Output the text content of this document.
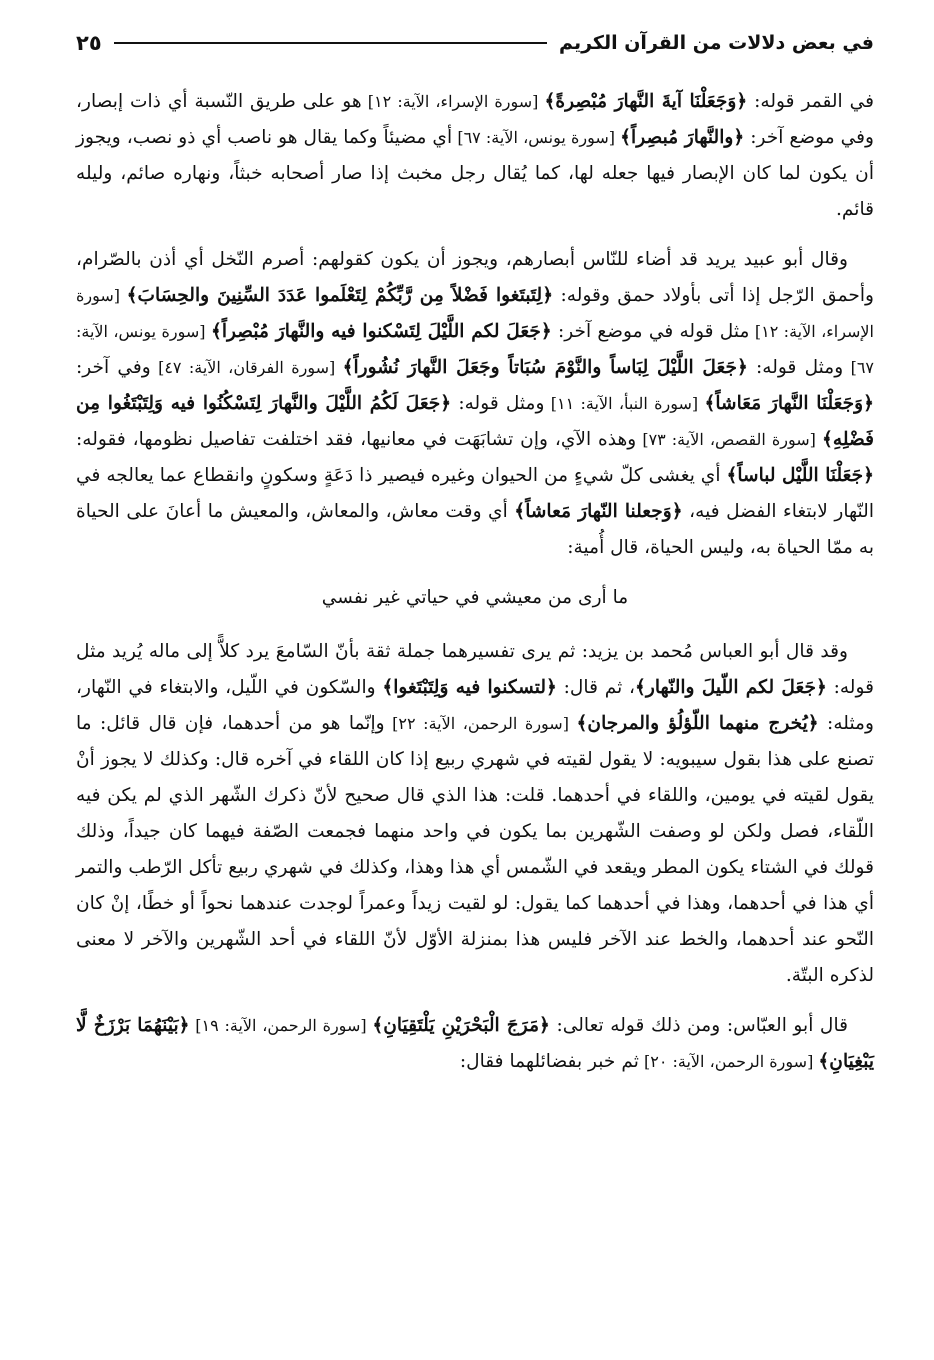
في بعض دلالات من القرآن الكريم
٢٥

في القمر قوله: ﴿وَجَعَلْنَا آيةَ النَّهارَ مُبْصِرةً﴾ [سورة الإسراء، الآية: ١٢] هو على طريق النّسبة أي ذات إبصار، وفي موضع آخر: ﴿والنَّهارَ مُبصِراً﴾ [سورة يونس، الآية: ٦٧] أي مضيئاً وكما يقال هو ناصب أي ذو نصب، ويجوز أن يكون لما كان الإبصار فيها جعله لها، كما يُقال رجل مخبث إذا صار أصحابه خبثاً، ونهاره صائم، وليله قائم.

وقال أبو عبيد يريد قد أضاء للنّاس أبصارهم، ويجوز أن يكون كقولهم: أصرم النّخل أي أذن بالصّرام، وأحمق الرّجل إذا أتى بأولاد حمق وقوله: ﴿لِتَبتَغوا فَضْلاً مِن رَّبِّكُمْ لِتَعْلَموا عَدَدَ السِّنِينَ والحِسَابَ﴾ [سورة الإسراء، الآية: ١٢] مثل قوله في موضع آخر: ﴿جَعَلَ لكم اللَّيْلَ لِتَسْكنوا فيه والنَّهارَ مُبْصِراً﴾ [سورة يونس، الآية: ٦٧] ومثل قوله: ﴿جَعَلَ اللَّيْلَ لِبَاساً والنَّوْمَ سُبَاتاً وجَعَلَ النَّهارَ نُشُوراً﴾ [سورة الفرقان، الآية: ٤٧] وفي آخر: ﴿وَجَعَلْنَا النَّهارَ مَعَاشاً﴾ [سورة النبأ، الآية: ١١] ومثل قوله: ﴿جَعَلَ لَكُمُ اللَّيْلَ والنَّهارَ لِتَسْكُنُوا فيه وَلِتَبْتَغُوا مِن فَضْلِهِ﴾ [سورة القصص، الآية: ٧٣] وهذه الآي، وإن تشابَهَت في معانيها، فقد اختلفت تفاصيل نظومها، فقوله: ﴿جَعَلْنَا اللَّيْل لباساً﴾ أي يغشى كلّ شيءٍ من الحيوان وغيره فيصير ذا دَعَةٍ وسكونٍ وانقطاع عما يعالجه في النّهار لابتغاء الفضل فيه، ﴿وَجعلنا النّهارَ مَعاشاً﴾ أي وقت معاش، والمعاش، والمعيش ما أعانَ على الحياة به ممّا الحياة به، وليس الحياة، قال أُمية:

ما أرى من معيشي في حياتي غير نفسي

وقد قال أبو العباس مُحمد بن يزيد: ثم يرى تفسيرهما جملة ثقة بأنّ السّامعَ يرد كلاًّ إلى ماله يُريد مثل قوله: ﴿جَعَلَ لكم اللّيلَ والنّهار﴾، ثم قال: ﴿لتسكنوا فيه وَلِتَبْتَغوا﴾ والسّكون في اللّيل، والابتغاء في النّهار، ومثله: ﴿يُخرج منهما اللّؤلُؤ والمرجان﴾ [سورة الرحمن، الآية: ٢٢] وإنّما هو من أحدهما، فإن قال قائل: ما تصنع على هذا بقول سيبويه: لا يقول لقيته في شهري ربيع إذا كان اللقاء في آخره قال: وكذلك لا يجوز أنْ يقول لقيته في يومين، واللقاء في أحدهما. قلت: هذا الذي قال صحيح لأنّ ذكرك الشّهر الذي لم يكن فيه اللّقاء، فصل ولكن لو وصفت الشّهرين بما يكون في واحد منهما فجمعت الصّفة فيهما كان جيداً، وذلك قولك في الشتاء يكون المطر ويقعد في الشّمس أي هذا وهذا، وكذلك في شهري ربيع تأكل الرّطب والتمر أي هذا في أحدهما، وهذا في أحدهما كما يقول: لو لقيت زيداً وعمراً لوجدت عندهما نحواً أو خطًا، إنْ كان النّحو عند أحدهما، والخط عند الآخر فليس هذا بمنزلة الأوّل لأنّ اللقاء في أحد الشّهرين والآخر لا معنى لذكره البتّة.

قال أبو العبّاس: ومن ذلك قوله تعالى: ﴿مَرَجَ الْبَحْرَيْنِ يَلْتَقِيَانِ﴾ [سورة الرحمن، الآية: ١٩] ﴿بَيْنَهُمَا بَرْزَخٌ لَّا يَبْغِيَانِ﴾ [سورة الرحمن، الآية: ٢٠] ثم خبر بفضائلهما فقال:
